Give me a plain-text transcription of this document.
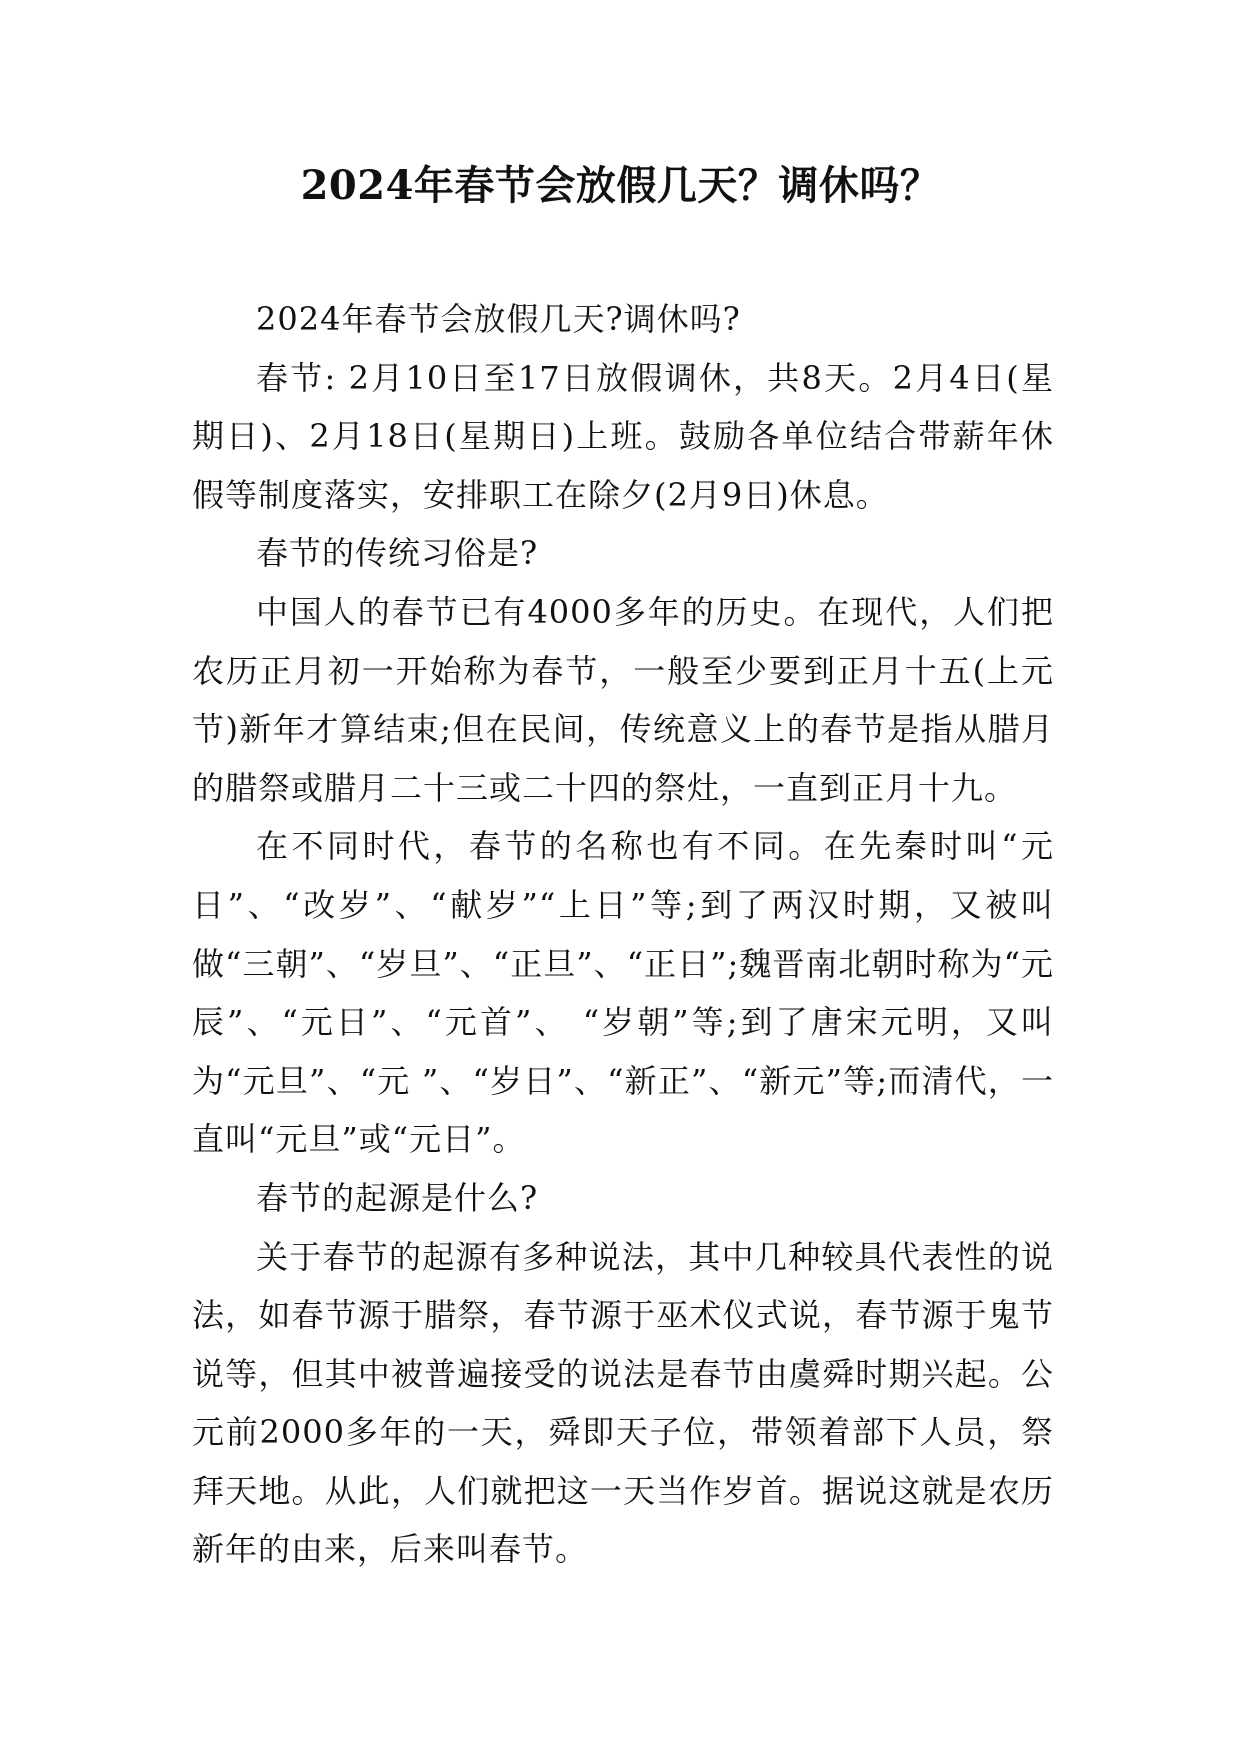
2024年春节会放假几天？调休吗？

2024年春节会放假几天?调休吗?

春节: 2月10日至17日放假调休，共8天。2月4日(星期日)、2月18日(星期日)上班。鼓励各单位结合带薪年休假等制度落实，安排职工在除夕(2月9日)休息。

春节的传统习俗是?

中国人的春节已有4000多年的历史。在现代，人们把农历正月初一开始称为春节，一般至少要到正月十五(上元节)新年才算结束;但在民间，传统意义上的春节是指从腊月的腊祭或腊月二十三或二十四的祭灶，一直到正月十九。

在不同时代，春节的名称也有不同。在先秦时叫“元日”、“改岁”、“献岁”“上日”等;到了两汉时期，又被叫做“三朝”、“岁旦”、“正旦”、“正日”;魏晋南北朝时称为“元辰”、“元日”、“元首”、 “岁朝”等;到了唐宋元明，又叫为“元旦”、“元 ”、“岁日”、“新正”、“新元”等;而清代，一直叫“元旦”或“元日”。

春节的起源是什么?

关于春节的起源有多种说法，其中几种较具代表性的说法，如春节源于腊祭，春节源于巫术仪式说，春节源于鬼节说等，但其中被普遍接受的说法是春节由虞舜时期兴起。公元前2000多年的一天，舜即天子位，带领着部下人员，祭拜天地。从此，人们就把这一天当作岁首。据说这就是农历新年的由来，后来叫春节。
